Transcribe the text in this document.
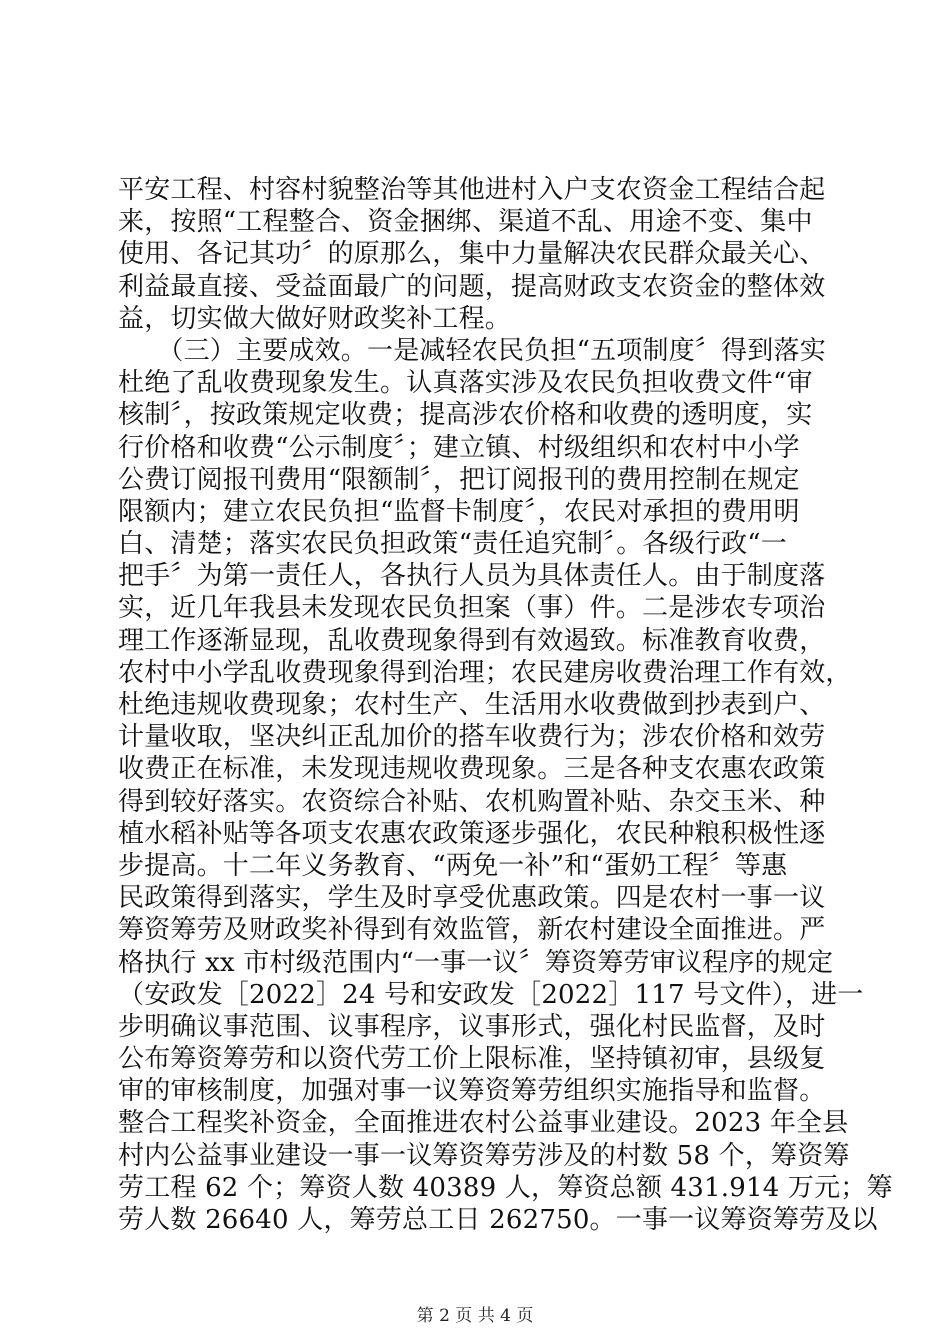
平安工程、村容村貌整治等其他进村入户支农资金工程结合起
来，按照“工程整合、资金捆绑、渠道不乱、用途不变、集中
使用、各记其功〞的原那么，集中力量解决农民群众最关心、
利益最直接、受益面最广的问题，提高财政支农资金的整体效
益，切实做大做好财政奖补工程。
　　（三）主要成效。一是减轻农民负担“五项制度〞得到落实
杜绝了乱收费现象发生。认真落实涉及农民负担收费文件“审
核制〞，按政策规定收费；提高涉农价格和收费的透明度，实
行价格和收费“公示制度〞；建立镇、村级组织和农村中小学
公费订阅报刊费用“限额制〞，把订阅报刊的费用控制在规定
限额内；建立农民负担“监督卡制度〞，农民对承担的费用明
白、清楚；落实农民负担政策“责任追究制〞。各级行政“一
把手〞为第一责任人，各执行人员为具体责任人。由于制度落
实，近几年我县未发现农民负担案（事）件。二是涉农专项治
理工作逐渐显现，乱收费现象得到有效遏致。标准教育收费，
农村中小学乱收费现象得到治理；农民建房收费治理工作有效，
杜绝违规收费现象；农村生产、生活用水收费做到抄表到户、
计量收取，坚决纠正乱加价的搭车收费行为；涉农价格和效劳
收费正在标准，未发现违规收费现象。三是各种支农惠农政策
得到较好落实。农资综合补贴、农机购置补贴、杂交玉米、种
植水稻补贴等各项支农惠农政策逐步强化，农民种粮积极性逐
步提高。十二年义务教育、“两免一补”和“蛋奶工程〞等惠
民政策得到落实，学生及时享受优惠政策。四是农村一事一议
筹资筹劳及财政奖补得到有效监管，新农村建设全面推进。严
格执行 xx 市村级范围内“一事一议〞筹资筹劳审议程序的规定
（安政发［2022］24 号和安政发［2022］117 号文件），进一
步明确议事范围、议事程序，议事形式，强化村民监督，及时
公布筹资筹劳和以资代劳工价上限标准，坚持镇初审，县级复
审的审核制度，加强对事一议筹资筹劳组织实施指导和监督。
整合工程奖补资金，全面推进农村公益事业建设。2023 年全县
村内公益事业建设一事一议筹资筹劳涉及的村数 58 个，筹资筹
劳工程 62 个；筹资人数 40389 人，筹资总额 431.914 万元；筹
劳人数 26640 人，筹劳总工日 262750。一事一议筹资筹劳及以
第 2 页 共 4 页
